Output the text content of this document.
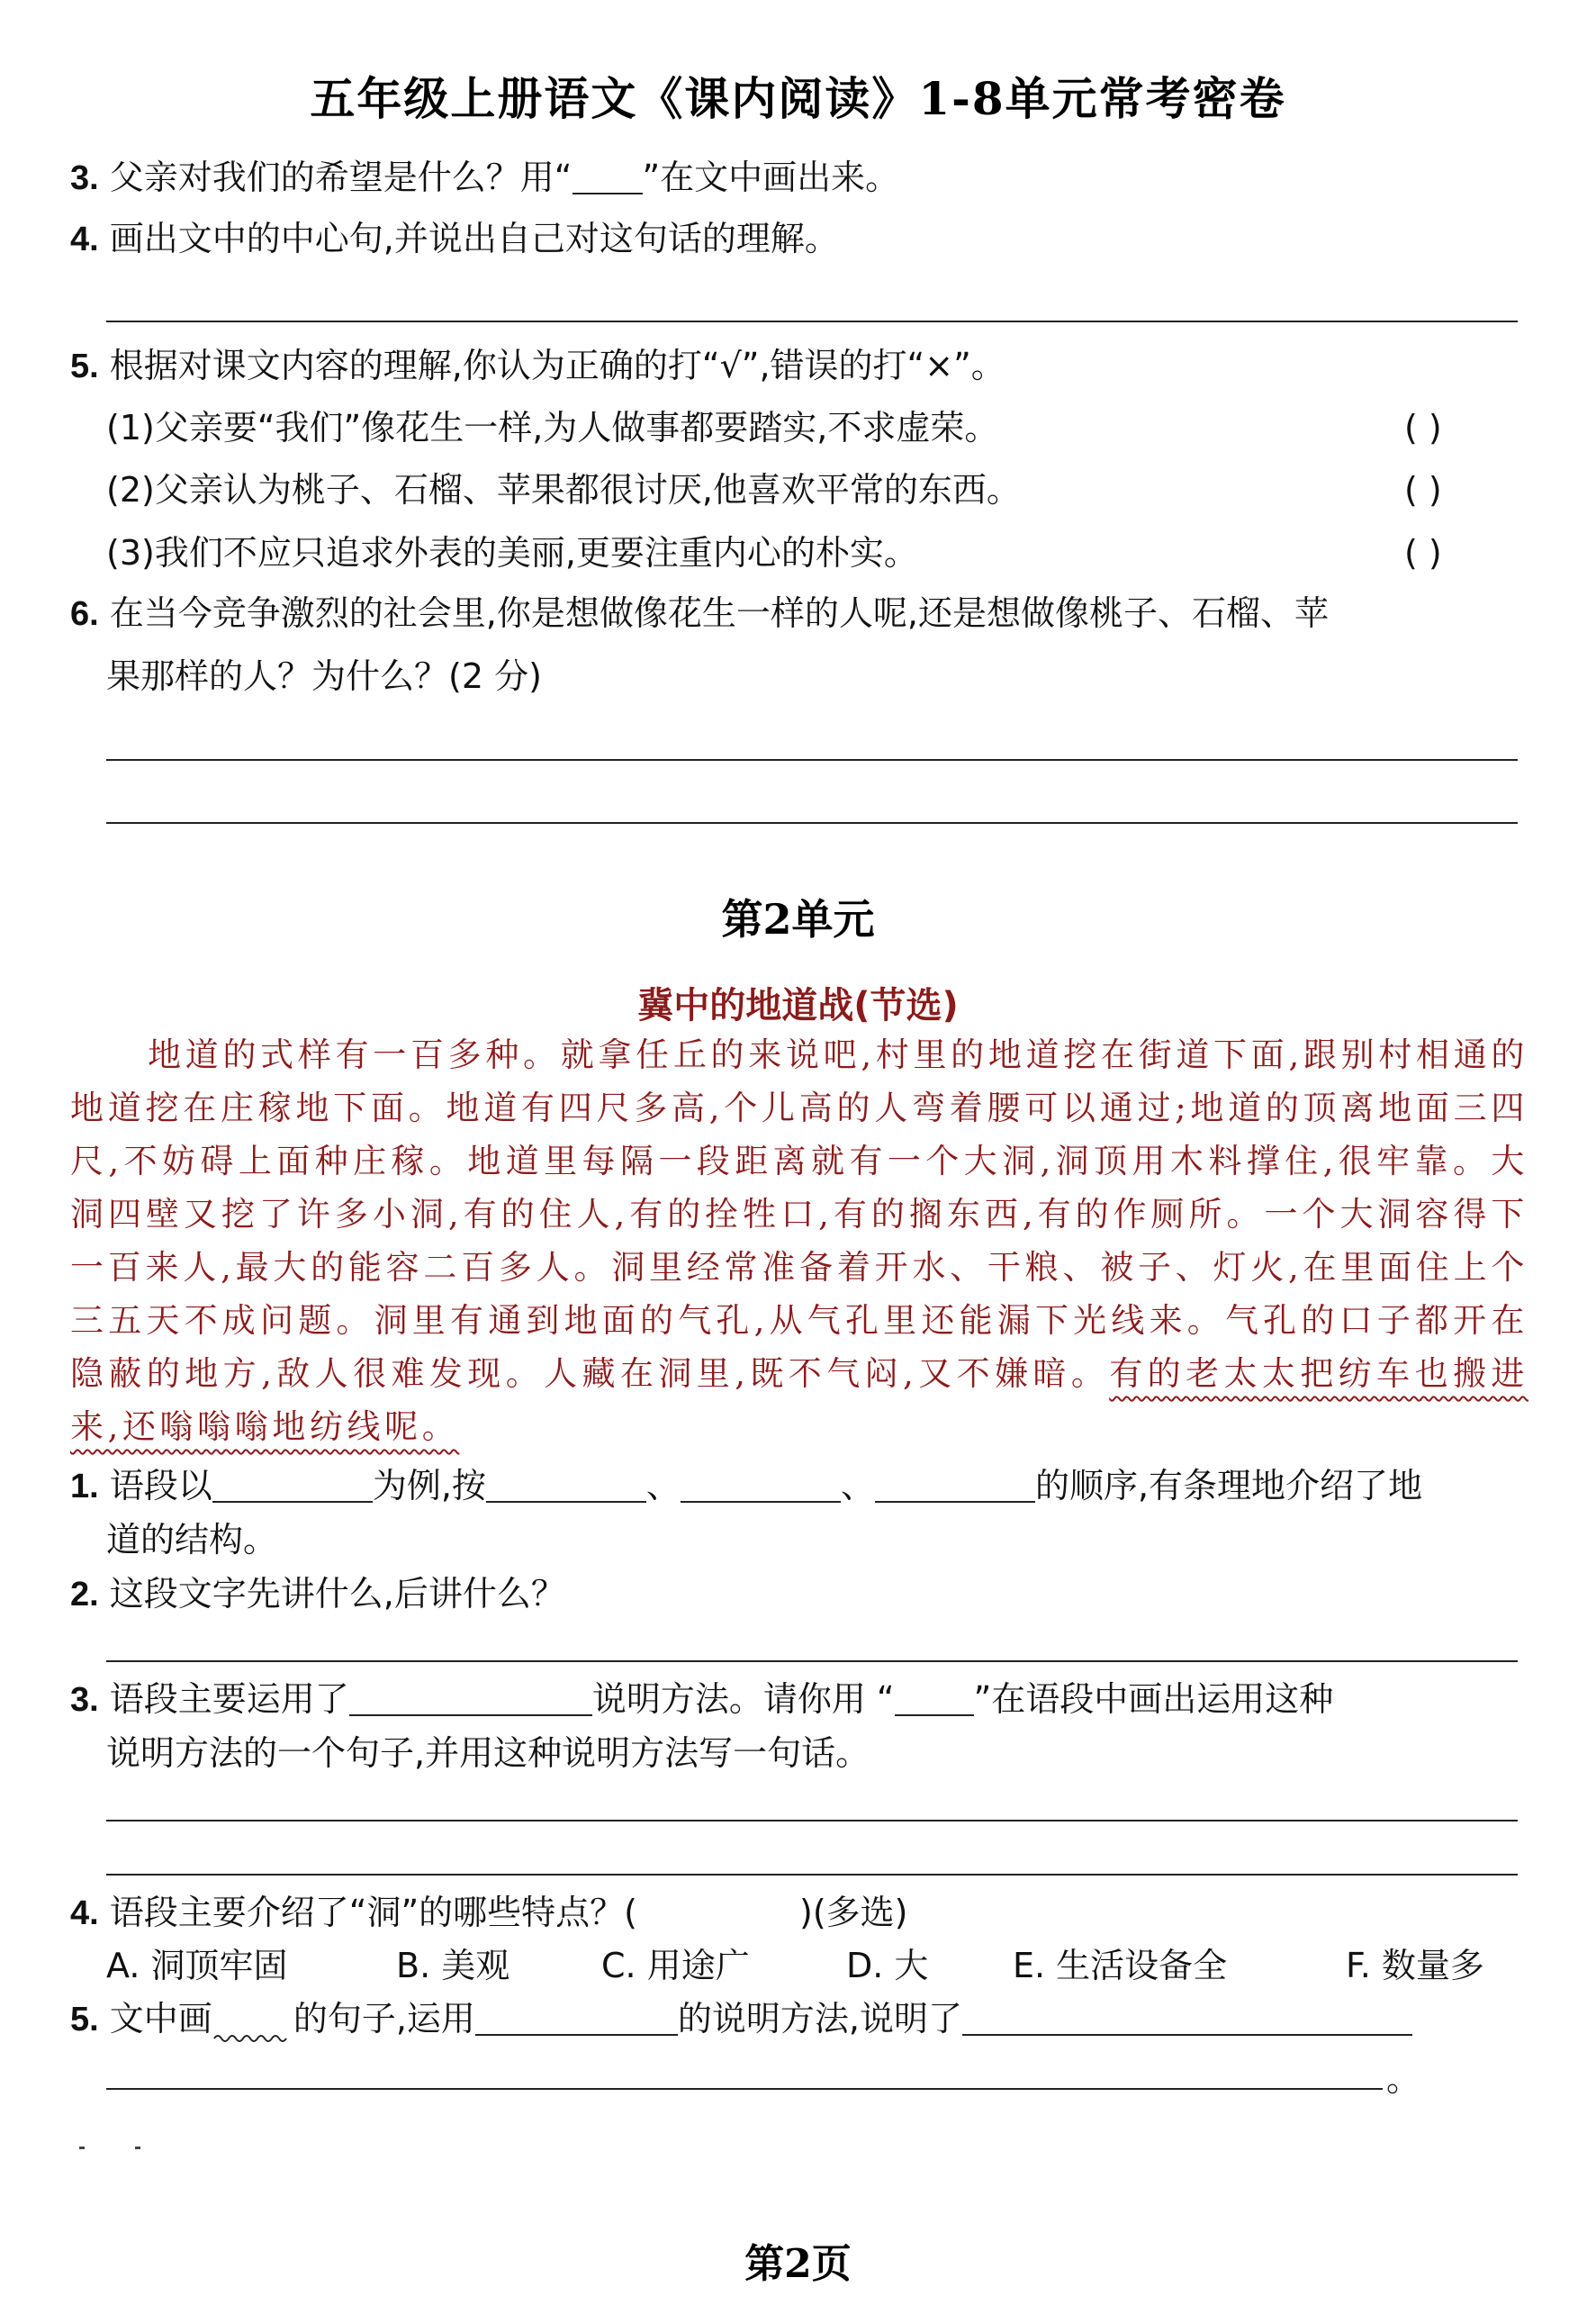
五年级上册语文《课内阅读》1-8单元常考密卷
3. 父亲对我们的希望是什么？用“ ”在文中画出来。
4. 画出文中的中心句,并说出自己对这句话的理解。
5. 根据对课文内容的理解,你认为正确的打“√”,错误的打“×”。
(1)父亲要“我们”像花生一样,为人做事都要踏实,不求虚荣。	( )
(2)父亲认为桃子、石榴、苹果都很讨厌,他喜欢平常的东西。	( )
(3)我们不应只追求外表的美丽,更要注重内心的朴实。	( )
6. 在当今竞争激烈的社会里,你是想做像花生一样的人呢,还是想做像桃子、石榴、苹
果那样的人？为什么？(2 分)
第2单元
冀中的地道战(节选)
地道的式样有一百多种。就拿任丘的来说吧,村里的地道挖在街道下面,跟别村相通的地道挖在庄稼地下面。地道有四尺多高,个儿高的人弯着腰可以通过;地道的顶离地面三四尺,不妨碍上面种庄稼。地道里每隔一段距离就有一个大洞,洞顶用木料撑住,很牢靠。大洞四壁又挖了许多小洞,有的住人,有的拴牲口,有的搁东西,有的作厕所。一个大洞容得下一百来人,最大的能容二百多人。洞里经常准备着开水、干粮、被子、灯火,在里面住上个三五天不成问题。洞里有通到地面的气孔,从气孔里还能漏下光线来。气孔的口子都开在隐蔽的地方,敌人很难发现。人藏在洞里,既不气闷,又不嫌暗。有的老太太把纺车也搬进来,还嗡嗡嗡地纺线呢。
1. 语段以	为例,按	、	、	的顺序,有条理地介绍了地
道的结构。
2. 这段文字先讲什么,后讲什么？
3. 语段主要运用了	说明方法。请你用 “ ”在语段中画出运用这种
说明方法的一个句子,并用这种说明方法写一句话。
4. 语段主要介绍了“洞”的哪些特点？(	)(多选)
A. 洞顶牢固	B. 美观	C. 用途广	D. 大 E. 生活设备全	F. 数量多
5. 文中画 的句子,运用	的说明方法,说明了
。
第2页
